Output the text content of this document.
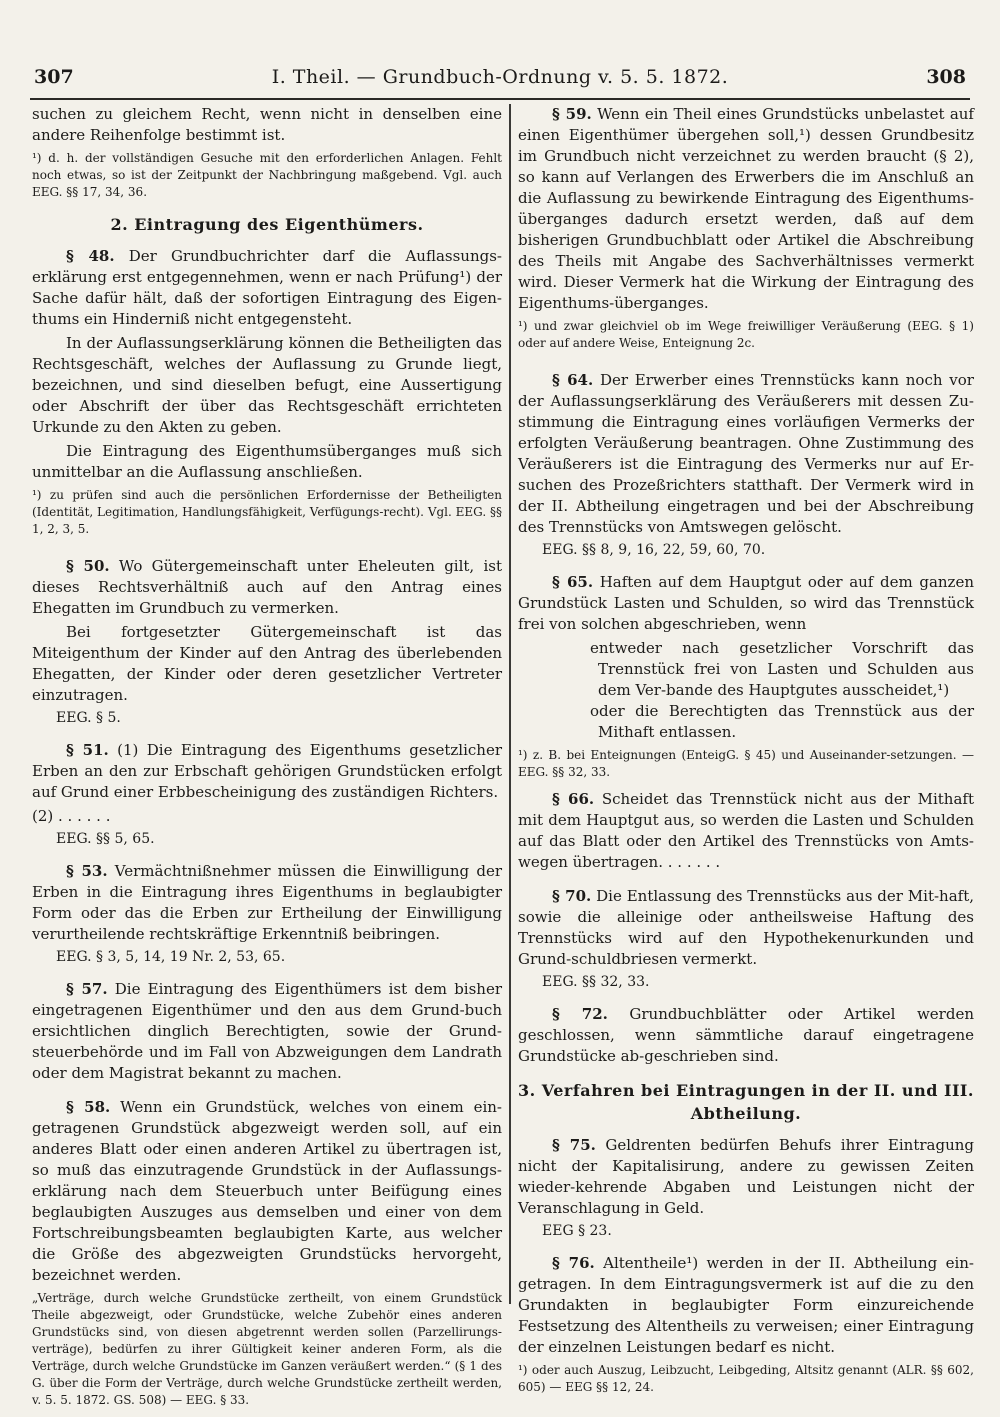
307	I. Theil. — Grundbuch-Ordnung v. 5. 5. 1872.	308

suchen zu gleichem Recht, wenn nicht in denselben eine andere Reihenfolge bestimmt ist.

¹) d. h. der vollständigen Gesuche mit den erforderlichen Anlagen. Fehlt noch etwas, so ist der Zeitpunkt der Nachbringung maßgebend. Vgl. auch EEG. §§ 17, 34, 36.

2. Eintragung des Eigenthümers.

§ 48. Der Grundbuchrichter darf die Auflassungs-erklärung erst entgegennehmen, wenn er nach Prüfung¹) der Sache dafür hält, daß der sofortigen Eintragung des Eigen-thums ein Hinderniß nicht entgegensteht.

In der Auflassungserklärung können die Betheiligten das Rechtsgeschäft, welches der Auflassung zu Grunde liegt, bezeichnen, und sind dieselben befugt, eine Aussertigung oder Abschrift der über das Rechtsgeschäft errichteten Urkunde zu den Akten zu geben.

Die Eintragung des Eigenthumsüberganges muß sich unmittelbar an die Auflassung anschließen.

¹) zu prüfen sind auch die persönlichen Erfordernisse der Betheiligten (Identität, Legitimation, Handlungsfähigkeit, Verfügungs-recht). Vgl. EEG. §§ 1, 2, 3, 5.

§ 50. Wo Gütergemeinschaft unter Eheleuten gilt, ist dieses Rechtsverhältniß auch auf den Antrag eines Ehegatten im Grundbuch zu vermerken.

Bei fortgesetzter Gütergemeinschaft ist das Miteigenthum der Kinder auf den Antrag des überlebenden Ehegatten, der Kinder oder deren gesetzlicher Vertreter einzutragen.

EEG. § 5.

§ 51. (1) Die Eintragung des Eigenthums gesetzlicher Erben an den zur Erbschaft gehörigen Grundstücken erfolgt auf Grund einer Erbbescheinigung des zuständigen Richters.

(2) . . . . . .

EEG. §§ 5, 65.

§ 53. Vermächtnißnehmer müssen die Einwilligung der Erben in die Eintragung ihres Eigenthums in beglaubigter Form oder das die Erben zur Ertheilung der Einwilligung verurtheilende rechtskräftige Erkenntniß beibringen.

EEG. § 3, 5, 14, 19 Nr. 2, 53, 65.

§ 57. Die Eintragung des Eigenthümers ist dem bisher eingetragenen Eigenthümer und den aus dem Grund-buch ersichtlichen dinglich Berechtigten, sowie der Grund-steuerbehörde und im Fall von Abzweigungen dem Landrath oder dem Magistrat bekannt zu machen.

§ 58. Wenn ein Grundstück, welches von einem ein-getragenen Grundstück abgezweigt werden soll, auf ein anderes Blatt oder einen anderen Artikel zu übertragen ist, so muß das einzutragende Grundstück in der Auflassungs-erklärung nach dem Steuerbuch unter Beifügung eines beglaubigten Auszuges aus demselben und einer von dem Fortschreibungsbeamten beglaubigten Karte, aus welcher die Größe des abgezweigten Grundstücks hervorgeht, bezeichnet werden.

„Verträge, durch welche Grundstücke zertheilt, von einem Grundstück Theile abgezweigt, oder Grundstücke, welche Zubehör eines anderen Grundstücks sind, von diesen abgetrennt werden sollen (Parzellirungs-verträge), bedürfen zu ihrer Gültigkeit keiner anderen Form, als die Verträge, durch welche Grundstücke im Ganzen veräußert werden.“ (§ 1 des G. über die Form der Verträge, durch welche Grundstücke zertheilt werden, v. 5. 5. 1872. GS. 508) — EEG. § 33.

§ 59. Wenn ein Theil eines Grundstücks unbelastet auf einen Eigenthümer übergehen soll,¹) dessen Grundbesitz im Grundbuch nicht verzeichnet zu werden braucht (§ 2), so kann auf Verlangen des Erwerbers die im Anschluß an die Auflassung zu bewirkende Eintragung des Eigenthums-überganges dadurch ersetzt werden, daß auf dem bisherigen Grundbuchblatt oder Artikel die Abschreibung des Theils mit Angabe des Sachverhältnisses vermerkt wird. Dieser Vermerk hat die Wirkung der Eintragung des Eigenthums-überganges.

¹) und zwar gleichviel ob im Wege freiwilliger Veräußerung (EEG. § 1) oder auf andere Weise, Enteignung 2c.

§ 64. Der Erwerber eines Trennstücks kann noch vor der Auflassungserklärung des Veräußerers mit dessen Zu-stimmung die Eintragung eines vorläufigen Vermerks der erfolgten Veräußerung beantragen. Ohne Zustimmung des Veräußerers ist die Eintragung des Vermerks nur auf Er-suchen des Prozeßrichters statthaft. Der Vermerk wird in der II. Abtheilung eingetragen und bei der Abschreibung des Trennstücks von Amtswegen gelöscht.

EEG. §§ 8, 9, 16, 22, 59, 60, 70.

§ 65. Haften auf dem Hauptgut oder auf dem ganzen Grundstück Lasten und Schulden, so wird das Trennstück frei von solchen abgeschrieben, wenn

entweder nach gesetzlicher Vorschrift das Trennstück frei von Lasten und Schulden aus dem Ver-bande des Hauptgutes ausscheidet,¹)

oder die Berechtigten das Trennstück aus der Mithaft entlassen.

¹) z. B. bei Enteignungen (EnteigG. § 45) und Auseinander-setzungen. — EEG. §§ 32, 33.

§ 66. Scheidet das Trennstück nicht aus der Mithaft mit dem Hauptgut aus, so werden die Lasten und Schulden auf das Blatt oder den Artikel des Trennstücks von Amts-wegen übertragen. . . . . . .

§ 70. Die Entlassung des Trennstücks aus der Mit-haft, sowie die alleinige oder antheilsweise Haftung des Trennstücks wird auf den Hypothekenurkunden und Grund-schuldbriesen vermerkt.

EEG. §§ 32, 33.

§ 72. Grundbuchblätter oder Artikel werden geschlossen, wenn sämmtliche darauf eingetragene Grundstücke ab-geschrieben sind.

3. Verfahren bei Eintragungen in der II. und III. Abtheilung.

§ 75. Geldrenten bedürfen Behufs ihrer Eintragung nicht der Kapitalisirung, andere zu gewissen Zeiten wieder-kehrende Abgaben und Leistungen nicht der Veranschlagung in Geld.

EEG § 23.

§ 76. Altentheile¹) werden in der II. Abtheilung ein-getragen. In dem Eintragungsvermerk ist auf die zu den Grundakten in beglaubigter Form einzureichende Festsetzung des Altentheils zu verweisen; einer Eintragung der einzelnen Leistungen bedarf es nicht.

¹) oder auch Auszug, Leibzucht, Leibgeding, Altsitz genannt (ALR. §§ 602, 605) — EEG §§ 12, 24.
